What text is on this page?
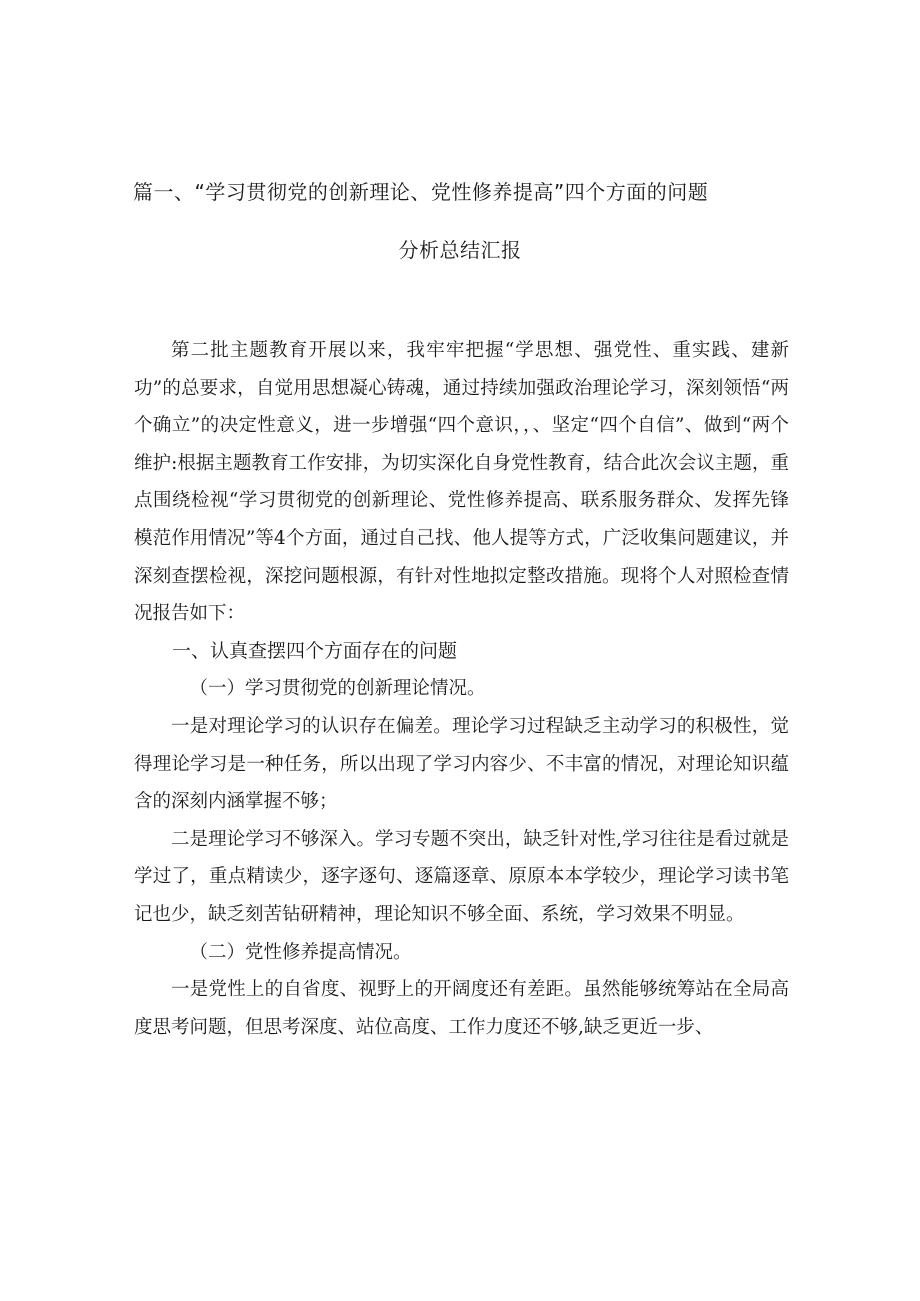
篇一、“学习贯彻党的创新理论、党性修养提高”四个方面的问题
分析总结汇报

第二批主题教育开展以来，我牢牢把握“学思想、强党性、重实践、建新功”的总要求，自觉用思想凝心铸魂，通过持续加强政治理论学习，深刻领悟“两个确立”的决定性意义，进一步增强“四个意识，，、坚定“四个自信”、做到“两个维护:根据主题教育工作安排，为切实深化自身党性教育，结合此次会议主题，重点围绕检视“学习贯彻党的创新理论、党性修养提高、联系服务群众、发挥先锋模范作用情况”等4个方面，通过自己找、他人提等方式，广泛收集问题建议，并深刻查摆检视，深挖问题根源，有针对性地拟定整改措施。现将个人对照检查情况报告如下：

一、认真查摆四个方面存在的问题

（一）学习贯彻党的创新理论情况。

一是对理论学习的认识存在偏差。理论学习过程缺乏主动学习的积极性，觉得理论学习是一种任务，所以出现了学习内容少、不丰富的情况，对理论知识蕴含的深刻内涵掌握不够；

二是理论学习不够深入。学习专题不突出，缺乏针对性,学习往往是看过就是学过了，重点精读少，逐字逐句、逐篇逐章、原原本本学较少，理论学习读书笔记也少，缺乏刻苦钻研精神，理论知识不够全面、系统，学习效果不明显。

（二）党性修养提高情况。

一是党性上的自省度、视野上的开阔度还有差距。虽然能够统筹站在全局高度思考问题，但思考深度、站位高度、工作力度还不够,缺乏更近一步、
